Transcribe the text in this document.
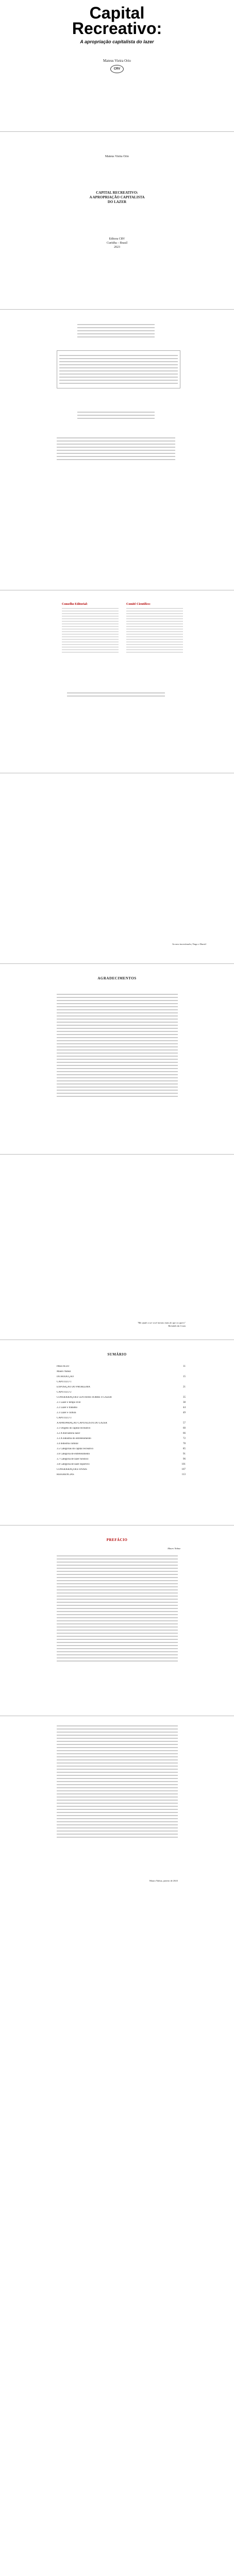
Capital
Recreativo:
A apropriação capitalista do lazer
Mateus Vieira Orio
CRV
Mateus Vieira Orio
CAPITAL RECREATIVO:
A APROPRIAÇÃO CAPITALISTA
DO LAZER
Editora CRV
Curitiba – Brasil
2023
Conselho Editorial:	Comitê Científico:
Ao meu incentivador, Tiago e Daniel
AGRADECIMENTOS
"Me ajude a ser você mesmo mais do que eu quero"
Reinaldo da Costa
SUMÁRIO
PREFÁCIO	11
Mauro Nahuz
INTRODUÇÃO	15
CAPÍTULO 1
EXPOSIÇÃO DO PROBLEMA	21
CAPÍTULO 2
CONSIDERAÇÕES CENTRAIS SOBRE O LAZER	35
2.1 Lazer e tempo livre	38
2.2 Lazer e trabalho	44
2.3 Lazer e cultura	49
CAPÍTULO 3
A APROPRIAÇÃO CAPITALISTA DO LAZER	57
3.1 Origens do capital recreativo	60
3.2 A mercadoria lazer	66
3.3 A indústria do entretenimento	72
3.4 Indústria cultural	78
3.5 Categorias do capital recreativo	85
3.6 Categoria de entretenimento	91
3.7 Categoria de lazer turístico	96
3.8 Categoria de lazer esportivo	101
CONSIDERAÇÕES FINAIS	107
REFERÊNCIAS	113
PREFÁCIO
Mauro Nahuz
Mauro Nahuz, janeiro de 2023
